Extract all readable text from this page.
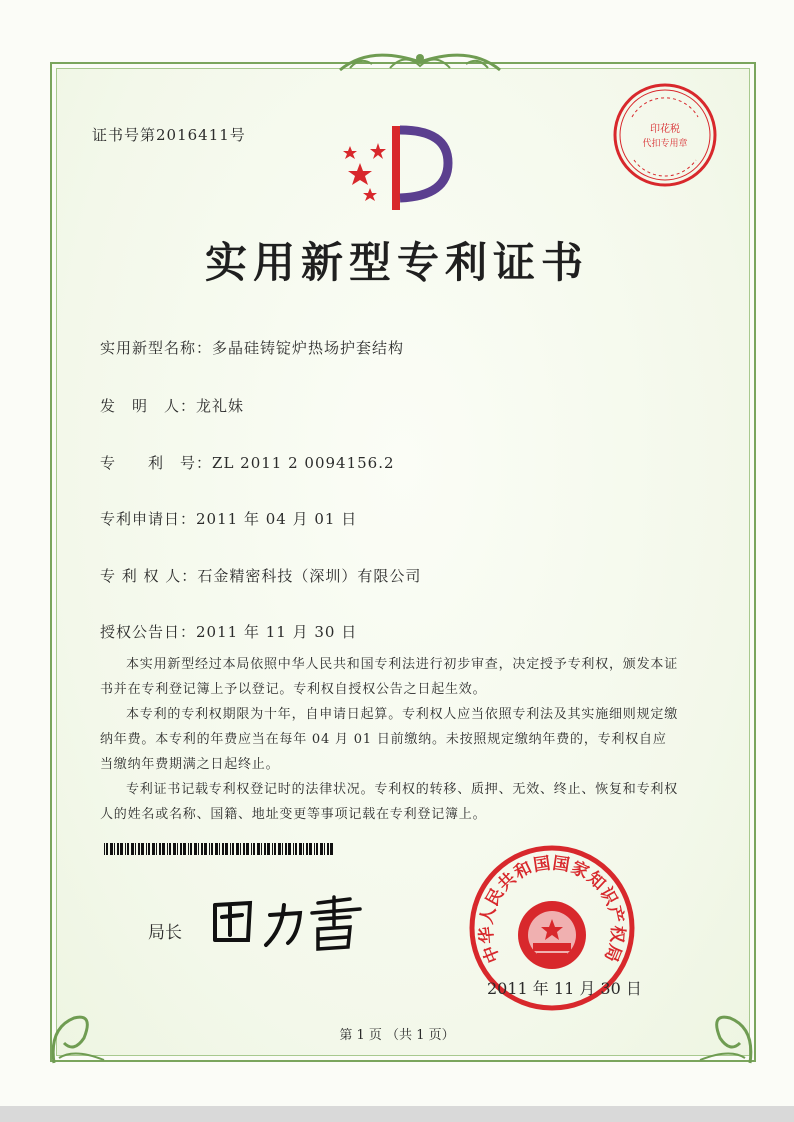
印花税
代扣专用章
证书号第2016411号
实用新型专利证书
实用新型名称：多晶硅铸锭炉热场护套结构
发　明　人：龙礼妹
专　　利　号：ZL 2011 2 0094156.2
专利申请日：2011 年 04 月 01 日
专 利 权 人：石金精密科技（深圳）有限公司
授权公告日：2011 年 11 月 30 日

本实用新型经过本局依照中华人民共和国专利法进行初步审查，决定授予专利权，颁发本证书并在专利登记簿上予以登记。专利权自授权公告之日起生效。

本专利的专利权期限为十年，自申请日起算。专利权人应当依照专利法及其实施细则规定缴纳年费。本专利的年费应当在每年 04 月 01 日前缴纳。未按照规定缴纳年费的，专利权自应当缴纳年费期满之日起终止。

专利证书记载专利权登记时的法律状况。专利权的转移、质押、无效、终止、恢复和专利权人的姓名或名称、国籍、地址变更等事项记载在专利登记簿上。

局长
中华人民共和国国家知识产权局
2011 年 11 月 30 日
第 1 页 （共 1 页）
